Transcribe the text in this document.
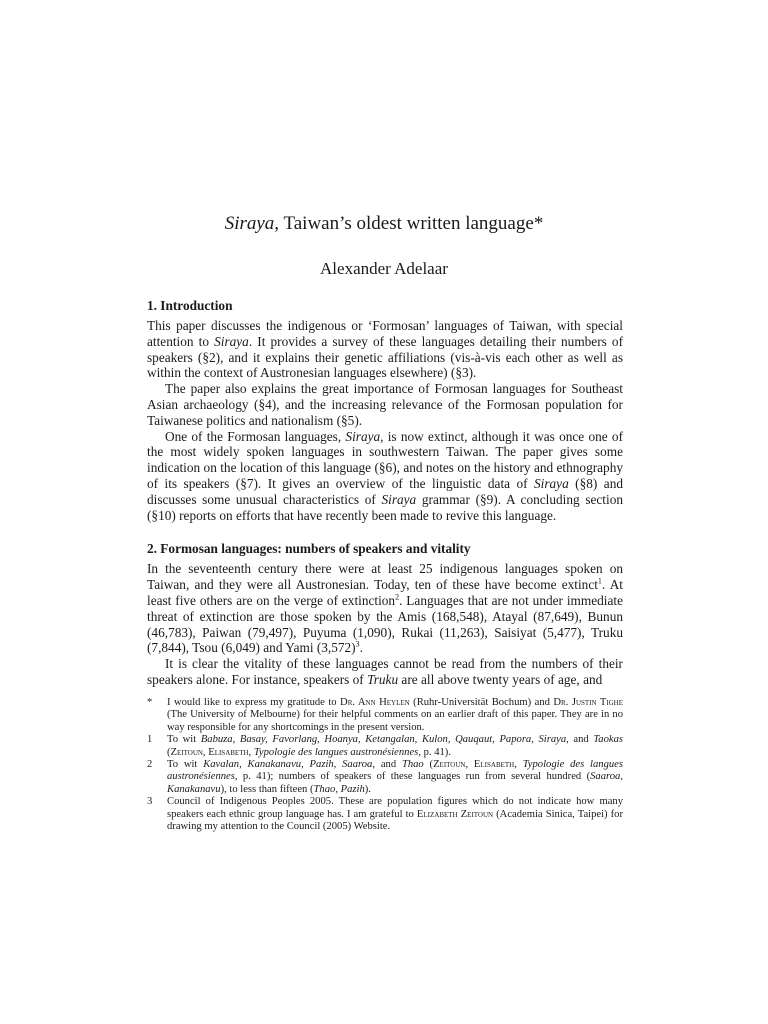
Siraya, Taiwan’s oldest written language*
Alexander Adelaar
1. Introduction

This paper discusses the indigenous or ‘Formosan’ languages of Taiwan, with special attention to Siraya. It provides a survey of these languages detailing their numbers of speakers (§2), and it explains their genetic affiliations (vis-à-vis each other as well as within the context of Austronesian languages elsewhere) (§3).

The paper also explains the great importance of Formosan languages for Southeast Asian archaeology (§4), and the increasing relevance of the Formosan population for Taiwanese politics and nationalism (§5).

One of the Formosan languages, Siraya, is now extinct, although it was once one of the most widely spoken languages in southwestern Taiwan. The paper gives some indication on the location of this language (§6), and notes on the history and ethnography of its speakers (§7). It gives an overview of the linguistic data of Siraya (§8) and discusses some unusual characteristics of Siraya grammar (§9). A concluding section (§10) reports on efforts that have recently been made to revive this language.

2. Formosan languages: numbers of speakers and vitality

In the seventeenth century there were at least 25 indigenous languages spoken on Taiwan, and they were all Austronesian. Today, ten of these have become extinct$^1$. At least five others are on the verge of extinction$^2$. Languages that are not under immediate threat of extinction are those spoken by the Amis (168,548), Atayal (87,649), Bunun (46,783), Paiwan (79,497), Puyuma (1,090), Rukai (11,263), Saisiyat (5,477), Truku (7,844), Tsou (6,049) and Yami $(3,572)^3$.

It is clear the vitality of these languages cannot be read from the numbers of their speakers alone. For instance, speakers of Truku are all above twenty years of age, and

*	I would like to express my gratitude to Dr. Ann Heylen (Ruhr-Universität Bochum) and Dr. Justin Tighe (The University of Melbourne) for their helpful comments on an earlier draft of this paper. They are in no way responsible for any shortcomings in the present version.
1	To wit Babuza, Basay, Favorlang, Hoanya, Ketangalan, Kulon, Qauqaut, Papora, Siraya, and Taokas (Zeitoun, Elisabeth, Typologie des langues austronésiennes, p. 41).
2	To wit Kavalan, Kanakanavu, Pazih, Saaroa, and Thao (Zeitoun, Elisabeth, Typologie des langues austronésiennes, p. 41); numbers of speakers of these languages run from several hundred (Saaroa, Kanakanavu), to less than fifteen (Thao, Pazih).
3	Council of Indigenous Peoples 2005. These are population figures which do not indicate how many speakers each ethnic group language has. I am grateful to Elizabeth Zeitoun (Academia Sinica, Taipei) for drawing my attention to the Council (2005) Website.
